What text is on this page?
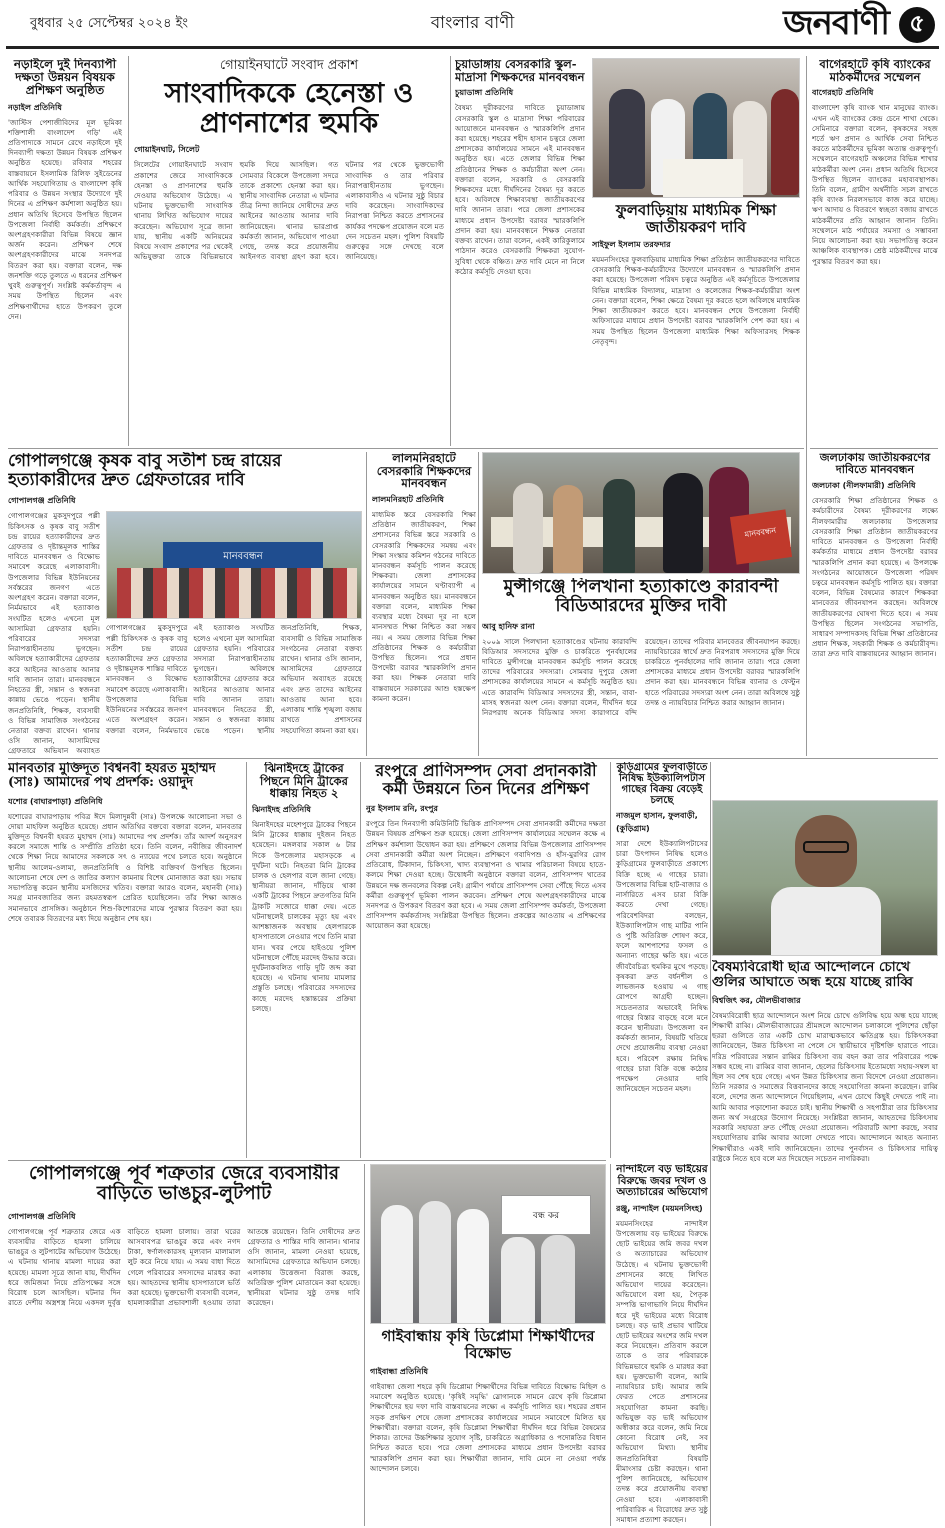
বুধবার ২৫ সেপ্টেম্বর ২০২৪ ইং	বাংলার বাণী	জনবাণী ৫
নড়াইলে দুই দিনব্যাপী দক্ষতা উন্নয়ন বিষয়ক প্রশিক্ষণ অনুষ্ঠিত
নড়াইল প্রতিনিধি
'জাস্টিস পেশাজীবিদের মূল ভূমিকা শক্তিশালী বাংলাদেশ গড়ি' এই প্রতিপাদ্যকে সামনে রেখে নড়াইলে দুই দিনব্যাপী দক্ষতা উন্নয়ন বিষয়ক প্রশিক্ষণ অনুষ্ঠিত হয়েছে। রবিবার শহরের বাস্তবায়নে ইসলামিক রিলিফ সুইডেনের আর্থিক সহযোগিতায় ও বাংলাদেশ কৃষি পরিবার ও উন্নয়ন সংস্থার উদ্যোগে দুই দিনের এ প্রশিক্ষণ কর্মশালা অনুষ্ঠিত হয়। প্রধান অতিথি হিসেবে উপস্থিত ছিলেন উপজেলা নির্বাহী কর্মকর্তা। প্রশিক্ষণে অংশগ্রহণকারীরা বিভিন্ন বিষয়ে জ্ঞান অর্জন করেন। প্রশিক্ষণ শেষে অংশগ্রহণকারীদের মাঝে সনদপত্র বিতরণ করা হয়। বক্তারা বলেন, দক্ষ জনশক্তি গড়ে তুলতে এ ধরনের প্রশিক্ষণ খুবই গুরুত্বপূর্ণ। সংশ্লিষ্ট কর্মকর্তাবৃন্দ এ সময় উপস্থিত ছিলেন এবং প্রশিক্ষণার্থীদের হাতে উপকরণ তুলে দেন।
গোয়াইনঘাটে সংবাদ প্রকাশ
সাংবাদিককে হেনেস্তা ও প্রাণনাশের হুমকি
গোয়াইনঘাট, সিলেট
সিলেটের গোয়াইনঘাটে সংবাদ প্রকাশের জেরে সাংবাদিককে হেনস্তা ও প্রাণনাশের হুমকি দেওয়ার অভিযোগ উঠেছে। এ ঘটনায় ভুক্তভোগী সাংবাদিক থানায় লিখিত অভিযোগ দায়ের করেছেন। অভিযোগ সূত্রে জানা যায়, স্থানীয় একটি অনিয়মের বিষয়ে সংবাদ প্রকাশের পর থেকেই অভিযুক্তরা তাকে বিভিন্নভাবে হুমকি দিয়ে আসছিল। গত সোমবার বিকেলে উপজেলা সদরে তাকে প্রকাশ্যে হেনস্তা করা হয়। স্থানীয় সাংবাদিক নেতারা এ ঘটনার তীব্র নিন্দা জানিয়ে দোষীদের দ্রুত আইনের আওতায় আনার দাবি জানিয়েছেন। থানার ভারপ্রাপ্ত কর্মকর্তা জানান, অভিযোগ পাওয়া গেছে, তদন্ত করে প্রয়োজনীয় আইনগত ব্যবস্থা গ্রহণ করা হবে। ঘটনার পর থেকে ভুক্তভোগী সাংবাদিক ও তার পরিবার নিরাপত্তাহীনতায় ভুগছেন। এলাকাবাসীও এ ঘটনার সুষ্ঠু বিচার দাবি করেছেন। সাংবাদিকদের নিরাপত্তা নিশ্চিত করতে প্রশাসনের কার্যকর পদক্ষেপ প্রয়োজন বলে মত দেন সচেতন মহল। পুলিশ বিষয়টি গুরুত্বের সঙ্গে দেখছে বলে জানিয়েছে।
চুয়াডাঙ্গায় বেসরকারি স্কুল-মাদ্রাসা শিক্ষকদের মানববন্ধন
চুয়াডাঙ্গা প্রতিনিধি
বৈষম্য দূরীকরণের দাবিতে চুয়াডাঙ্গায় বেসরকারি স্কুল ও মাদ্রাসা শিক্ষা পরিবারের আয়োজনে মানববন্ধন ও স্মারকলিপি প্রদান করা হয়েছে। শহরের শহীদ হাসান চত্বরে জেলা প্রশাসকের কার্যালয়ের সামনে এই মানববন্ধন অনুষ্ঠিত হয়। এতে জেলার বিভিন্ন শিক্ষা প্রতিষ্ঠানের শিক্ষক ও কর্মচারীরা অংশ নেন। বক্তারা বলেন, সরকারি ও বেসরকারি শিক্ষকদের মধ্যে দীর্ঘদিনের বৈষম্য দূর করতে হবে। অবিলম্বে শিক্ষাব্যবস্থা জাতীয়করণের দাবি জানান তারা। পরে জেলা প্রশাসকের মাধ্যমে প্রধান উপদেষ্টা বরাবর স্মারকলিপি প্রদান করা হয়। মানববন্ধনে শিক্ষক নেতারা বক্তব্য রাখেন। তারা বলেন, একই কারিকুলামে পাঠদান করেও বেসরকারি শিক্ষকরা সুযোগ-সুবিধা থেকে বঞ্চিত। দ্রুত দাবি মেনে না নিলে কঠোর কর্মসূচি দেওয়া হবে।
ফুলবাড়িয়ায় মাধ্যমিক শিক্ষা জাতীয়করণ দাবি
সাইফুল ইসলাম তরফদার
ময়মনসিংহের ফুলবাড়িয়ায় মাধ্যমিক শিক্ষা প্রতিষ্ঠান জাতীয়করণের দাবিতে বেসরকারি শিক্ষক-কর্মচারীদের উদ্যোগে মানববন্ধন ও স্মারকলিপি প্রদান করা হয়েছে। উপজেলা পরিষদ চত্বরে অনুষ্ঠিত এই কর্মসূচিতে উপজেলার বিভিন্ন মাধ্যমিক বিদ্যালয়, মাদ্রাসা ও কলেজের শিক্ষক-কর্মচারীরা অংশ নেন। বক্তারা বলেন, শিক্ষা ক্ষেত্রে বৈষম্য দূর করতে হলে অবিলম্বে মাধ্যমিক শিক্ষা জাতীয়করণ করতে হবে। মানববন্ধন শেষে উপজেলা নির্বাহী অফিসারের মাধ্যমে প্রধান উপদেষ্টা বরাবর স্মারকলিপি পেশ করা হয়। এ সময় উপস্থিত ছিলেন উপজেলা মাধ্যমিক শিক্ষা অফিসারসহ শিক্ষক নেতৃবৃন্দ।
বাগেরহাটে কৃষি ব্যাংকের মাঠকর্মীদের সম্মেলন
বাগেরহাট প্রতিনিধি
বাংলাদেশ কৃষি ব্যাংক খান মানুষের ব্যাংক। এখন এই ব্যাংকের কেন্দ্র চেনে শাখা থেকে। সেমিনারে বক্তারা বলেন, কৃষকদের সহজ শর্তে ঋণ প্রদান ও আর্থিক সেবা নিশ্চিত করতে মাঠকর্মীদের ভূমিকা অত্যন্ত গুরুত্বপূর্ণ। সম্মেলনে বাগেরহাট অঞ্চলের বিভিন্ন শাখার মাঠকর্মীরা অংশ নেন। প্রধান অতিথি হিসেবে উপস্থিত ছিলেন ব্যাংকের মহাব্যবস্থাপক। তিনি বলেন, গ্রামীণ অর্থনীতি সচল রাখতে কৃষি ব্যাংক নিরলসভাবে কাজ করে যাচ্ছে। ঋণ আদায় ও বিতরণে স্বচ্ছতা বজায় রাখতে মাঠকর্মীদের প্রতি আহ্বান জানান তিনি। সম্মেলনে মাঠ পর্যায়ের সমস্যা ও সম্ভাবনা নিয়ে আলোচনা করা হয়। সভাপতিত্ব করেন আঞ্চলিক ব্যবস্থাপক। শ্রেষ্ঠ মাঠকর্মীদের মাঝে পুরস্কার বিতরণ করা হয়।
গোপালগঞ্জে কৃষক বাবু সতীশ চন্দ্র রায়ের হত্যাকারীদের দ্রুত গ্রেফতারের দাবি
গোপালগঞ্জ প্রতিনিধি
গোপালগঞ্জের মুকসুদপুরে পল্লী চিকিৎসক ও কৃষক বাবু সতীশ চন্দ্র রায়ের হত্যাকারীদের দ্রুত গ্রেফতার ও দৃষ্টান্তমূলক শাস্তির দাবিতে মানববন্ধন ও বিক্ষোভ সমাবেশ করেছে এলাকাবাসী। উপজেলার বিভিন্ন ইউনিয়নের সর্বস্তরের জনগণ এতে অংশগ্রহণ করেন। বক্তারা বলেন, নির্মমভাবে এই হত্যাকাণ্ড সংঘটিত হলেও এখনো মূল আসামিরা গ্রেফতার হয়নি। পরিবারের সদস্যরা নিরাপত্তাহীনতায় ভুগছেন। অবিলম্বে হত্যাকারীদের গ্রেফতার করে আইনের আওতায় আনার দাবি জানান তারা। মানববন্ধনে নিহতের স্ত্রী, সন্তান ও স্বজনরা কান্নায় ভেঙে পড়েন। স্থানীয় জনপ্রতিনিধি, শিক্ষক, ব্যবসায়ী ও বিভিন্ন সামাজিক সংগঠনের নেতারা বক্তব্য রাখেন। থানার ওসি জানান, আসামিদের গ্রেফতারে অভিযান অব্যাহত
মানববন্ধন
গোপালগঞ্জের মুকসুদপুরে পল্লী চিকিৎসক ও কৃষক বাবু সতীশ চন্দ্র রায়ের হত্যাকারীদের দ্রুত গ্রেফতার ও দৃষ্টান্তমূলক শাস্তির দাবিতে মানববন্ধন ও বিক্ষোভ সমাবেশ করেছে এলাকাবাসী। উপজেলার বিভিন্ন ইউনিয়নের সর্বস্তরের জনগণ এতে অংশগ্রহণ করেন। বক্তারা বলেন, নির্মমভাবে এই হত্যাকাণ্ড সংঘটিত হলেও এখনো মূল আসামিরা গ্রেফতার হয়নি। পরিবারের সদস্যরা নিরাপত্তাহীনতায় ভুগছেন। অবিলম্বে হত্যাকারীদের গ্রেফতার করে আইনের আওতায় আনার দাবি জানান তারা। মানববন্ধনে নিহতের স্ত্রী, সন্তান ও স্বজনরা কান্নায় ভেঙে পড়েন। স্থানীয় জনপ্রতিনিধি, শিক্ষক, ব্যবসায়ী ও বিভিন্ন সামাজিক সংগঠনের নেতারা বক্তব্য রাখেন। থানার ওসি জানান, আসামিদের গ্রেফতারে অভিযান অব্যাহত রয়েছে এবং দ্রুত তাদের আইনের আওতায় আনা হবে। এলাকায় শান্তি শৃঙ্খলা বজায় রাখতে প্রশাসনের সহযোগিতা কামনা করা হয়।
লালমনিরহাটে বেসরকারি শিক্ষকদের মানববন্ধন
লালমনিরহাট প্রতিনিধি
মাধ্যমিক স্তরে বেসরকারি শিক্ষা প্রতিষ্ঠান জাতীয়করণ, শিক্ষা প্রশাসনের বিভিন্ন স্তরে সরকারি ও বেসরকারি শিক্ষকদের সমন্বয় এবং শিক্ষা সংস্কার কমিশন গঠনের দাবিতে মানববন্ধন কর্মসূচি পালন করেছে শিক্ষকরা। জেলা প্রশাসকের কার্যালয়ের সামনে ঘণ্টাব্যাপী এ মানববন্ধন অনুষ্ঠিত হয়। মানববন্ধনে বক্তারা বলেন, মাধ্যমিক শিক্ষা ব্যবস্থার মধ্যে বৈষম্য দূর না হলে মানসম্মত শিক্ষা নিশ্চিত করা সম্ভব নয়। এ সময় জেলার বিভিন্ন শিক্ষা প্রতিষ্ঠানের শিক্ষক ও কর্মচারীরা উপস্থিত ছিলেন। পরে প্রধান উপদেষ্টা বরাবর স্মারকলিপি প্রদান করা হয়। শিক্ষক নেতারা দাবি বাস্তবায়নে সরকারের আশু হস্তক্ষেপ কামনা করেন।
মানববন্ধন
মুন্সীগঞ্জে পিলখানা হত্যাকাণ্ডে কারাবন্দী বিডিআরদের মুক্তির দাবী
আবু হানিফ রানা
২০০৯ সালে পিলখানা হত্যাকাণ্ডের ঘটনায় কারাবন্দি বিডিআর সদস্যদের মুক্তি ও চাকরিতে পুনর্বহালের দাবিতে মুন্সীগঞ্জে মানববন্ধন কর্মসূচি পালন করেছে তাদের পরিবারের সদস্যরা। সোমবার দুপুরে জেলা প্রশাসকের কার্যালয়ের সামনে এ কর্মসূচি অনুষ্ঠিত হয়। এতে কারাবন্দি বিডিআর সদস্যদের স্ত্রী, সন্তান, বাবা-মাসহ স্বজনরা অংশ নেন। বক্তারা বলেন, দীর্ঘদিন ধরে নিরপরাধ অনেক বিডিআর সদস্য কারাগারে বন্দি রয়েছেন। তাদের পরিবার মানবেতর জীবনযাপন করছে। ন্যায়বিচারের স্বার্থে দ্রুত নিরপরাধ সদস্যদের মুক্তি দিয়ে চাকরিতে পুনর্বহালের দাবি জানান তারা। পরে জেলা প্রশাসকের মাধ্যমে প্রধান উপদেষ্টা বরাবর স্মারকলিপি প্রদান করা হয়। মানববন্ধনে বিভিন্ন ব্যানার ও ফেস্টুন হাতে পরিবারের সদস্যরা অংশ নেন। তারা অবিলম্বে সুষ্ঠু তদন্ত ও ন্যায়বিচার নিশ্চিত করার আহ্বান জানান।
জলঢাকায় জাতীয়করণের দাবিতে মানববন্ধন
জলঢাকা (নীলফামারী) প্রতিনিধি
বেসরকারি শিক্ষা প্রতিষ্ঠানের শিক্ষক ও কর্মচারীদের বৈষম্য দূরীকরণের লক্ষ্যে নীলফামারীর জলঢাকায় উপজেলার বেসরকারি শিক্ষা প্রতিষ্ঠান জাতীয়করণের দাবিতে মানববন্ধন ও উপজেলা নির্বাহী কর্মকর্তার মাধ্যমে প্রধান উপদেষ্টা বরাবর স্মারকলিপি প্রদান করা হয়েছে। এ উপলক্ষে সংগঠনের আয়োজনে উপজেলা পরিষদ চত্বরে মানববন্ধন কর্মসূচি পালিত হয়। বক্তারা বলেন, বিভিন্ন বৈষম্যের কারণে শিক্ষকরা মানবেতর জীবনযাপন করছেন। অবিলম্বে জাতীয়করণের ঘোষণা দিতে হবে। এ সময় উপস্থিত ছিলেন সংগঠনের সভাপতি, সাধারণ সম্পাদকসহ বিভিন্ন শিক্ষা প্রতিষ্ঠানের প্রধান শিক্ষক, সহকারী শিক্ষক ও কর্মচারীবৃন্দ। তারা দ্রুত দাবি বাস্তবায়নের আহ্বান জানান।
মানবতার মুক্তিদূত বিশ্বনবী হযরত মুহাম্মদ (সাঃ) আমাদের পথ প্রদর্শক: ওয়াদুদ
যশোর (বাঘারপাড়া) প্রতিনিধি
যশোরের বাঘারপাড়ায় পবিত্র ঈদে মিলাদুন্নবী (সাঃ) উপলক্ষে আলোচনা সভা ও দোয়া মাহফিল অনুষ্ঠিত হয়েছে। প্রধান অতিথির বক্তব্যে বক্তারা বলেন, মানবতার মুক্তিদূত বিশ্বনবী হযরত মুহাম্মদ (সাঃ) আমাদের পথ প্রদর্শক। তাঁর আদর্শ অনুসরণ করলে সমাজে শান্তি ও সম্প্রীতি প্রতিষ্ঠা হবে। তিনি বলেন, নবীজির জীবনাদর্শ থেকে শিক্ষা নিয়ে আমাদের সকলকে সৎ ও ন্যায়ের পথে চলতে হবে। অনুষ্ঠানে স্থানীয় আলেম-ওলামা, জনপ্রতিনিধি ও বিশিষ্ট ব্যক্তিবর্গ উপস্থিত ছিলেন। আলোচনা শেষে দেশ ও জাতির কল্যাণ কামনায় বিশেষ মোনাজাত করা হয়। সভায় সভাপতিত্ব করেন স্থানীয় মসজিদের খতিব। বক্তারা আরও বলেন, মহানবী (সাঃ) সমগ্র মানবজাতির জন্য রহমতস্বরূপ প্রেরিত হয়েছিলেন। তাঁর শিক্ষা আজও সমানভাবে প্রাসঙ্গিক। অনুষ্ঠানে শিশু-কিশোরদের মাঝে পুরস্কার বিতরণ করা হয়। শেষে তবারক বিতরণের মধ্য দিয়ে অনুষ্ঠান শেষ হয়।
ঝিনাইদহে ট্রাকের পিছনে মিনি ট্রাকের ধাক্কায় নিহত ২
ঝিনাইদহ প্রতিনিধি
ঝিনাইদহের মহেশপুরে ট্রাকের পিছনে মিনি ট্রাকের ধাক্কায় দুইজন নিহত হয়েছেন। মঙ্গলবার সকাল ৬ টার দিকে উপজেলার মহাসড়কে এ দুর্ঘটনা ঘটে। নিহতরা মিনি ট্রাকের চালক ও হেলপার বলে জানা গেছে। স্থানীয়রা জানান, দাঁড়িয়ে থাকা একটি ট্রাকের পিছনে দ্রুতগতির মিনি ট্রাকটি সজোরে ধাক্কা দেয়। এতে ঘটনাস্থলেই চালকের মৃত্যু হয় এবং আশঙ্কাজনক অবস্থায় হেলপারকে হাসপাতালে নেওয়ার পথে তিনি মারা যান। খবর পেয়ে হাইওয়ে পুলিশ ঘটনাস্থলে পৌঁছে মরদেহ উদ্ধার করে। দুর্ঘটনাকবলিত গাড়ি দুটি জব্দ করা হয়েছে। এ ঘটনায় থানায় মামলার প্রস্তুতি চলছে। পরিবারের সদস্যদের কাছে মরদেহ হস্তান্তরের প্রক্রিয়া চলছে।
রংপুরে প্রাণিসম্পদ সেবা প্রদানকারী কর্মী উন্নয়নে তিন দিনের প্রশিক্ষণ
নুর ইসলাম রনি, রংপুর
রংপুরে তিন দিনব্যাপী কমিউনিটি ভিত্তিক প্রাণিসম্পদ সেবা প্রদানকারী কর্মীদের দক্ষতা উন্নয়ন বিষয়ক প্রশিক্ষণ শুরু হয়েছে। জেলা প্রাণিসম্পদ কার্যালয়ের সম্মেলন কক্ষে এ প্রশিক্ষণ কর্মশালা উদ্বোধন করা হয়। প্রশিক্ষণে জেলার বিভিন্ন উপজেলার প্রাণিসম্পদ সেবা প্রদানকারী কর্মীরা অংশ নিচ্ছেন। প্রশিক্ষণে গবাদিপশু ও হাঁস-মুরগির রোগ প্রতিরোধ, টিকাদান, চিকিৎসা, খাদ্য ব্যবস্থাপনা ও খামার পরিচালনা বিষয়ে হাতে-কলমে শিক্ষা দেওয়া হচ্ছে। উদ্বোধনী অনুষ্ঠানে বক্তারা বলেন, প্রাণিসম্পদ খাতের উন্নয়নে দক্ষ জনবলের বিকল্প নেই। গ্রামীণ পর্যায়ে প্রাণিসম্পদ সেবা পৌঁছে দিতে এসব কর্মীরা গুরুত্বপূর্ণ ভূমিকা পালন করবেন। প্রশিক্ষণ শেষে অংশগ্রহণকারীদের মাঝে সনদপত্র ও উপকরণ বিতরণ করা হবে। এ সময় জেলা প্রাণিসম্পদ কর্মকর্তা, উপজেলা প্রাণিসম্পদ কর্মকর্তাসহ সংশ্লিষ্টরা উপস্থিত ছিলেন। প্রকল্পের আওতায় এ প্রশিক্ষণের আয়োজন করা হয়েছে।
কুড়িগ্রামের ফুলবাড়ীতে নিষিদ্ধ ইউক্যালিপটাস গাছের বিক্রয় বেড়েই চলছে
নাজমুল হাসান, ফুলবাড়ী, (কুড়িগ্রাম)
সারা দেশে ইউক্যালিপটাসের চারা উৎপাদন নিষিদ্ধ হলেও কুড়িগ্রামের ফুলবাড়ীতে প্রকাশ্যে বিক্রি হচ্ছে এ গাছের চারা। উপজেলার বিভিন্ন হাট-বাজার ও নার্সারিতে এসব চারা বিক্রি করতে দেখা গেছে। পরিবেশবিদরা বলছেন, ইউক্যালিপটাস গাছ মাটির পানি ও পুষ্টি অতিরিক্ত শোষণ করে, ফলে আশপাশের ফসল ও অন্যান্য গাছের ক্ষতি হয়। এতে জীববৈচিত্র্য হুমকির মুখে পড়ছে। কৃষকরা দ্রুত বর্ধনশীল ও লাভজনক হওয়ায় এ গাছ রোপণে আগ্রহী হচ্ছেন। সচেতনতার অভাবেই নিষিদ্ধ গাছের বিস্তার বাড়ছে বলে মনে করেন স্থানীয়রা। উপজেলা বন কর্মকর্তা জানান, বিষয়টি খতিয়ে দেখে প্রয়োজনীয় ব্যবস্থা নেওয়া হবে। পরিবেশ রক্ষায় নিষিদ্ধ গাছের চারা বিক্রি বন্ধে কঠোর পদক্ষেপ নেওয়ার দাবি জানিয়েছেন সচেতন মহল।
বৈষম্যবিরোধী ছাত্র আন্দোলনে চোখে গুলির আঘাতে অন্ধ হয়ে যাচ্ছে রাব্বি
বিশ্বজিৎ কর, মৌলভীবাজার
বৈষম্যবিরোধী ছাত্র আন্দোলনে অংশ নিয়ে চোখে গুলিবিদ্ধ হয়ে অন্ধ হয়ে যাচ্ছে শিক্ষার্থী রাব্বি। মৌলভীবাজারের শ্রীমঙ্গলে আন্দোলন চলাকালে পুলিশের ছোঁড়া ছররা গুলিতে তার একটি চোখ মারাত্মকভাবে ক্ষতিগ্রস্ত হয়। চিকিৎসকরা জানিয়েছেন, উন্নত চিকিৎসা না পেলে সে স্থায়ীভাবে দৃষ্টিশক্তি হারাতে পারে। দরিদ্র পরিবারের সন্তান রাব্বির চিকিৎসা ব্যয় বহন করা তার পরিবারের পক্ষে সম্ভব হচ্ছে না। রাব্বির বাবা জানান, ছেলের চিকিৎসায় ইতোমধ্যে সহায়-সম্বল যা ছিল সব শেষ হয়ে গেছে। এখন উন্নত চিকিৎসার জন্য বিদেশে নেওয়া প্রয়োজন। তিনি সরকার ও সমাজের বিত্তবানদের কাছে সহযোগিতা কামনা করেছেন। রাব্বি বলে, দেশের জন্য আন্দোলনে গিয়েছিলাম, এখন চোখে কিছুই দেখতে পাই না। আমি আবার পড়াশোনা করতে চাই। স্থানীয় শিক্ষার্থী ও সহপাঠীরা তার চিকিৎসার জন্য অর্থ সংগ্রহের উদ্যোগ নিয়েছে। সংশ্লিষ্টরা জানান, আহতদের চিকিৎসায় সরকারি সহায়তা দ্রুত পৌঁছে দেওয়া প্রয়োজন। পরিবারটি আশা করছে, সবার সহযোগিতায় রাব্বি আবার আলো দেখতে পাবে। আন্দোলনে আহত অন্যান্য শিক্ষার্থীরাও একই দাবি জানিয়েছেন। তাদের পুনর্বাসন ও চিকিৎসার দায়িত্ব রাষ্ট্রকে নিতে হবে বলে মত দিয়েছেন সচেতন নাগরিকরা।
গোপালগঞ্জে পূর্ব শত্রুতার জেরে ব্যবসায়ীর বাড়িতে ভাঙচুর-লুটপাট
গোপালগঞ্জ প্রতিনিধি
গোপালগঞ্জে পূর্ব শত্রুতার জেরে এক ব্যবসায়ীর বাড়িতে হামলা চালিয়ে ভাঙচুর ও লুটপাটের অভিযোগ উঠেছে। এ ঘটনায় থানায় মামলা দায়ের করা হয়েছে। মামলা সূত্রে জানা যায়, দীর্ঘদিন ধরে জমিজমা নিয়ে প্রতিপক্ষের সঙ্গে বিরোধ চলে আসছিল। ঘটনার দিন রাতে দেশীয় অস্ত্রশস্ত্র নিয়ে একদল দুর্বৃত্ত বাড়িতে হামলা চালায়। তারা ঘরের আসবাবপত্র ভাঙচুর করে এবং নগদ টাকা, স্বর্ণালংকারসহ মূল্যবান মালামাল লুট করে নিয়ে যায়। এ সময় বাধা দিতে গেলে পরিবারের সদস্যদের মারধর করা হয়। আহতদের স্থানীয় হাসপাতালে ভর্তি করা হয়েছে। ভুক্তভোগী ব্যবসায়ী বলেন, হামলাকারীরা প্রভাবশালী হওয়ায় তারা আতঙ্কে রয়েছেন। তিনি দোষীদের দ্রুত গ্রেফতার ও শাস্তির দাবি জানান। থানার ওসি জানান, মামলা নেওয়া হয়েছে, আসামিদের গ্রেফতারে অভিযান চলছে। এলাকায় উত্তেজনা বিরাজ করছে, অতিরিক্ত পুলিশ মোতায়েন করা হয়েছে। স্থানীয়রা ঘটনার সুষ্ঠু তদন্ত দাবি করেছেন।
বন্ধ কর
গাইবান্ধায় কৃষি ডিপ্লোমা শিক্ষার্থীদের বিক্ষোভ
গাইবান্ধা প্রতিনিধি
গাইবান্ধা জেলা শহরে কৃষি ডিপ্লোমা শিক্ষার্থীদের বিভিন্ন দাবিতে বিক্ষোভ মিছিল ও সমাবেশ অনুষ্ঠিত হয়েছে। 'কৃষিই সমৃদ্ধি' স্লোগানকে সামনে রেখে কৃষি ডিপ্লোমা শিক্ষার্থীদের ছয় দফা দাবি বাস্তবায়নের লক্ষ্যে এ কর্মসূচি পালিত হয়। শহরের প্রধান সড়ক প্রদক্ষিণ শেষে জেলা প্রশাসকের কার্যালয়ের সামনে সমাবেশে মিলিত হয় শিক্ষার্থীরা। বক্তারা বলেন, কৃষি ডিপ্লোমা শিক্ষার্থীরা দীর্ঘদিন ধরে বিভিন্ন বৈষম্যের শিকার। তাদের উচ্চশিক্ষার সুযোগ সৃষ্টি, চাকরিতে অগ্রাধিকার ও পদোন্নতির বিধান নিশ্চিত করতে হবে। পরে জেলা প্রশাসকের মাধ্যমে প্রধান উপদেষ্টা বরাবর স্মারকলিপি প্রদান করা হয়। শিক্ষার্থীরা জানান, দাবি মেনে না নেওয়া পর্যন্ত আন্দোলন চলবে।
নান্দাইলে বড় ভাইয়ের বিরুদ্ধে জবর দখল ও অত্যাচারের অভিযোগ
রঞ্জু, নান্দাইল (ময়মনসিংহ)
ময়মনসিংহের নান্দাইল উপজেলায় বড় ভাইয়ের বিরুদ্ধে ছোট ভাইয়ের জমি জবর দখল ও অত্যাচারের অভিযোগ উঠেছে। এ ঘটনায় ভুক্তভোগী প্রশাসনের কাছে লিখিত অভিযোগ দায়ের করেছেন। অভিযোগে বলা হয়, পৈতৃক সম্পত্তি ভাগাভাগি নিয়ে দীর্ঘদিন ধরে দুই ভাইয়ের মধ্যে বিরোধ চলছে। বড় ভাই প্রভাব খাটিয়ে ছোট ভাইয়ের অংশের জমি দখল করে নিয়েছেন। প্রতিবাদ করলে তাকে ও তার পরিবারকে বিভিন্নভাবে হুমকি ও মারধর করা হয়। ভুক্তভোগী বলেন, আমি ন্যায়বিচার চাই। আমার জমি ফেরত পেতে প্রশাসনের সহযোগিতা কামনা করছি। অভিযুক্ত বড় ভাই অভিযোগ অস্বীকার করে বলেন, জমি নিয়ে কোনো বিরোধ নেই, সব অভিযোগ মিথ্যা। স্থানীয় জনপ্রতিনিধিরা বিষয়টি মীমাংসার চেষ্টা করছেন। থানা পুলিশ জানিয়েছে, অভিযোগ তদন্ত করে প্রয়োজনীয় ব্যবস্থা নেওয়া হবে। এলাকাবাসী পারিবারিক এ বিরোধের দ্রুত সুষ্ঠু সমাধান প্রত্যাশা করছেন।
